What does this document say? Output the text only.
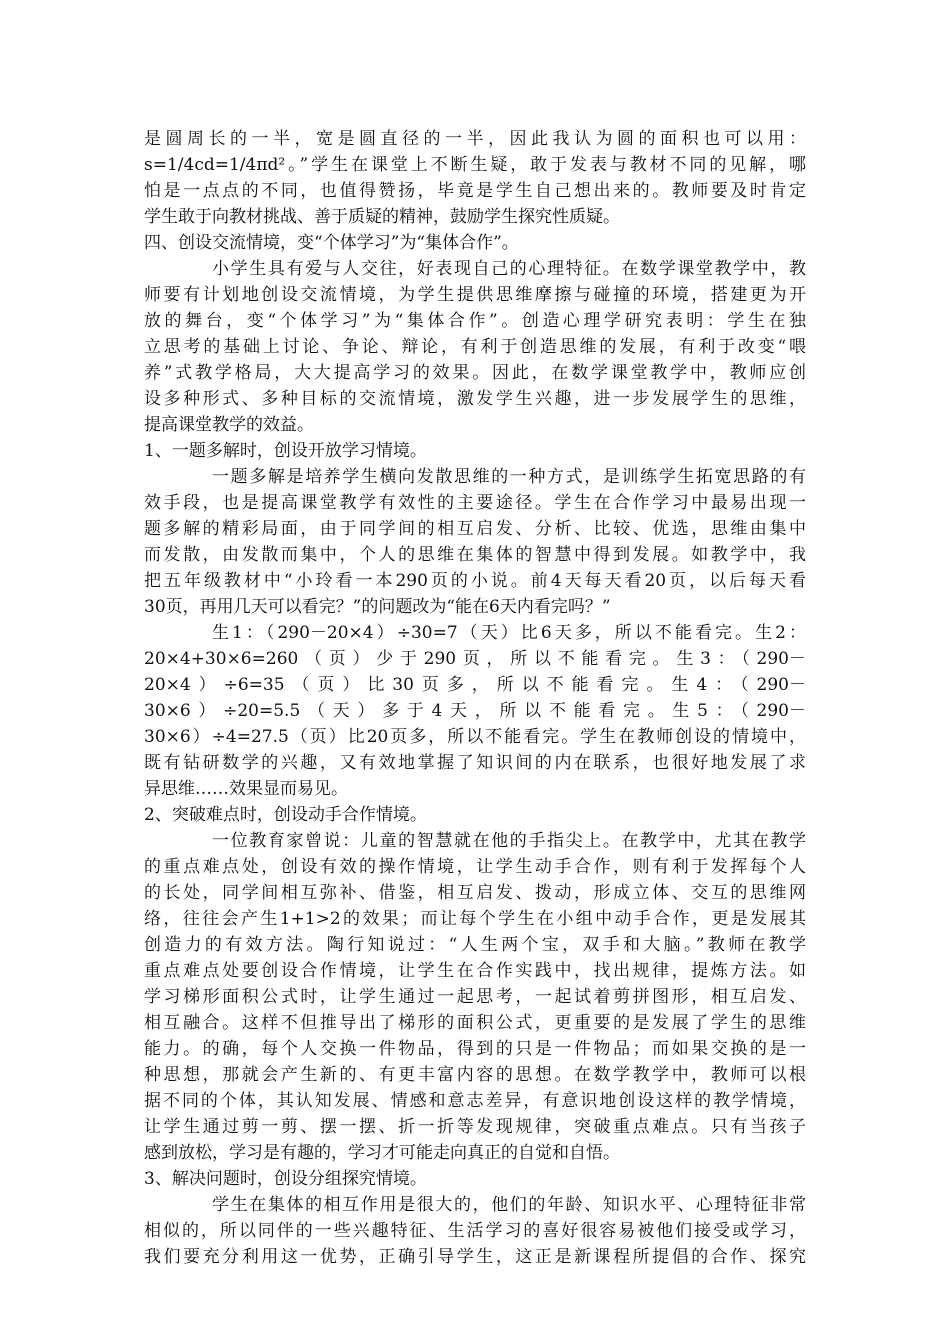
是圆周长的一半，宽是圆直径的一半，因此我认为圆的面积也可以用：
s=1/4cd=1/4πd²。”学生在课堂上不断生疑，敢于发表与教材不同的见解，哪
怕是一点点的不同，也值得赞扬，毕竟是学生自己想出来的。教师要及时肯定
学生敢于向教材挑战、善于质疑的精神，鼓励学生探究性质疑。
四、创设交流情境，变“个体学习”为“集体合作”。
小学生具有爱与人交往，好表现自己的心理特征。在数学课堂教学中，教
师要有计划地创设交流情境，为学生提供思维摩擦与碰撞的环境，搭建更为开
放的舞台，变“个体学习”为“集体合作”。创造心理学研究表明：学生在独
立思考的基础上讨论、争论、辩论，有利于创造思维的发展，有利于改变“喂
养”式教学格局，大大提高学习的效果。因此，在数学课堂教学中，教师应创
设多种形式、多种目标的交流情境，激发学生兴趣，进一步发展学生的思维，
提高课堂教学的效益。
1、一题多解时，创设开放学习情境。
一题多解是培养学生横向发散思维的一种方式，是训练学生拓宽思路的有
效手段，也是提高课堂教学有效性的主要途径。学生在合作学习中最易出现一
题多解的精彩局面，由于同学间的相互启发、分析、比较、优选，思维由集中
而发散，由发散而集中，个人的思维在集体的智慧中得到发展。如教学中，我
把五年级教材中“小玲看一本290页的小说。前4天每天看20页，以后每天看
30页，再用几天可以看完？”的问题改为“能在6天内看完吗？”
生1：（290－20×4）÷30=7（天）比6天多，所以不能看完。生2：
20×4+30×6=260（页）少于290页，所以不能看完。生3：（290－
20×4）÷6=35（页）比30页多，所以不能看完。生4：（290－
30×6）÷20=5.5（天）多于4天，所以不能看完。生5：（290－
30×6）÷4=27.5（页）比20页多，所以不能看完。学生在教师创设的情境中，
既有钻研数学的兴趣，又有效地掌握了知识间的内在联系，也很好地发展了求
异思维……效果显而易见。
2、突破难点时，创设动手合作情境。
一位教育家曾说：儿童的智慧就在他的手指尖上。在教学中，尤其在教学
的重点难点处，创设有效的操作情境，让学生动手合作，则有利于发挥每个人
的长处，同学间相互弥补、借鉴，相互启发、拨动，形成立体、交互的思维网
络，往往会产生1+1>2的效果；而让每个学生在小组中动手合作，更是发展其
创造力的有效方法。陶行知说过：“人生两个宝，双手和大脑。”教师在教学
重点难点处要创设合作情境，让学生在合作实践中，找出规律，提炼方法。如
学习梯形面积公式时，让学生通过一起思考，一起试着剪拼图形，相互启发、
相互融合。这样不但推导出了梯形的面积公式，更重要的是发展了学生的思维
能力。的确，每个人交换一件物品，得到的只是一件物品；而如果交换的是一
种思想，那就会产生新的、有更丰富内容的思想。在数学教学中，教师可以根
据不同的个体，其认知发展、情感和意志差异，有意识地创设这样的教学情境，
让学生通过剪一剪、摆一摆、折一折等发现规律，突破重点难点。只有当孩子
感到放松，学习是有趣的，学习才可能走向真正的自觉和自悟。
3、解决问题时，创设分组探究情境。
学生在集体的相互作用是很大的，他们的年龄、知识水平、心理特征非常
相似的，所以同伴的一些兴趣特征、生活学习的喜好很容易被他们接受或学习，
我们要充分利用这一优势，正确引导学生，这正是新课程所提倡的合作、探究
